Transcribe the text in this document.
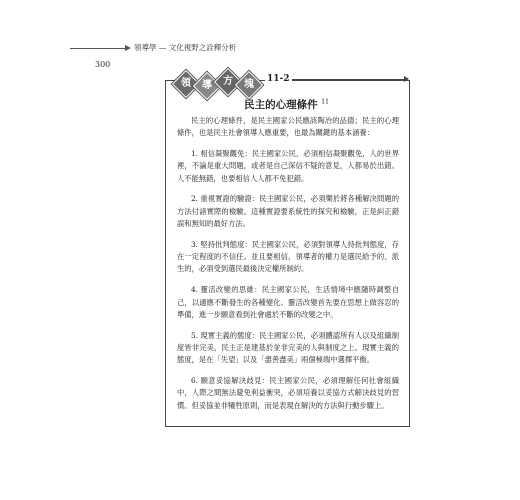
領導學 — 文化視野之詮釋分析
300
領	導	方	塊	11-2
民主的心理條件 $^{11}$

民主的心理條件，是民主國家公民應該陶冶的品德；民主的心理條件，也是民主社會領導人應重要，也最為關鍵的基本涵養：

1. 相信凝聚觀免：民主國家公民，必須相信凝聚觀免，人的世界裡，不論是重大問題，或者是自己深信不疑的意見，人都易於出錯。人不能無錯，也要相信人人都不免犯錯。

2. 重視實證的驗證：民主國家公民，必須樂於將各種解決問題的方法付諸實際的檢驗。這種實證要系統性的探究和檢驗，正是糾正錯誤和無知的最好方法。

3. 堅持批判態度：民主國家公民，必須對領導人持批判態度，存在一定程度的不信任。並且要相信，領導者的權力是選民給予的、派生的，必須受到選民最後決定權所制約。

4. 靈活改變的思維：民主國家公民，生活情境中應隨時調整自己，以適應不斷發生的各種變化。靈活改變首先要在思想上做容忍的準備，進一步願意看到社會處於不斷的改變之中。

5. 現實主義的態度：民主國家公民，必須體認所有人以及組織制度皆非完美，民主正是建基於並非完美的人與制度之上。現實主義的態度，是在「失望」以及「盡善盡美」兩個極端中選擇平衡。

6. 願意妥協解決歧見：民主國家公民，必須理解任何社會組織中，人際之間無法避免利益衝突，必須培養以妥協方式解決歧見的習慣。但妥協並非犧牲原則，而是表現在解決的方法與行動步驟上。
